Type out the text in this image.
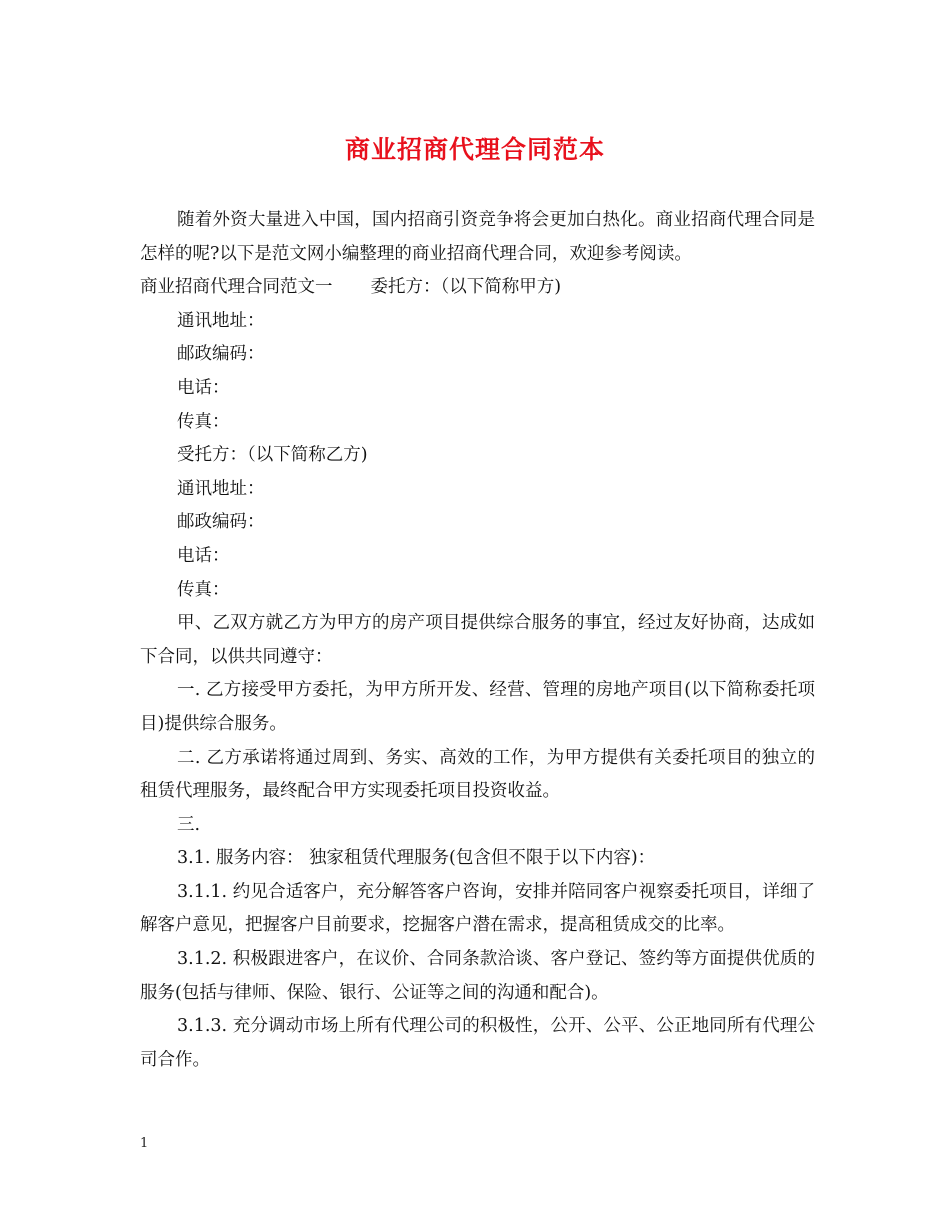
商业招商代理合同范本

随着外资大量进入中国，国内招商引资竞争将会更加白热化。商业招商代理合同是怎样的呢?以下是范文网小编整理的商业招商代理合同，欢迎参考阅读。

商业招商代理合同范文一 委托方：（以下简称甲方)

通讯地址：

邮政编码：

电话：

传真：

受托方：（以下简称乙方)

通讯地址：

邮政编码：

电话：

传真：

甲、乙双方就乙方为甲方的房产项目提供综合服务的事宜，经过友好协商，达成如下合同，以供共同遵守：

一. 乙方接受甲方委托，为甲方所开发、经营、管理的房地产项目(以下简称委托项目)提供综合服务。

二. 乙方承诺将通过周到、务实、高效的工作，为甲方提供有关委托项目的独立的租赁代理服务，最终配合甲方实现委托项目投资收益。

三.

3.1. 服务内容： 独家租赁代理服务(包含但不限于以下内容)：

3.1.1. 约见合适客户，充分解答客户咨询，安排并陪同客户视察委托项目，详细了解客户意见，把握客户目前要求，挖掘客户潜在需求，提高租赁成交的比率。

3.1.2. 积极跟进客户，在议价、合同条款洽谈、客户登记、签约等方面提供优质的服务(包括与律师、保险、银行、公证等之间的沟通和配合)。

3.1.3. 充分调动市场上所有代理公司的积极性，公开、公平、公正地同所有代理公司合作。

1
